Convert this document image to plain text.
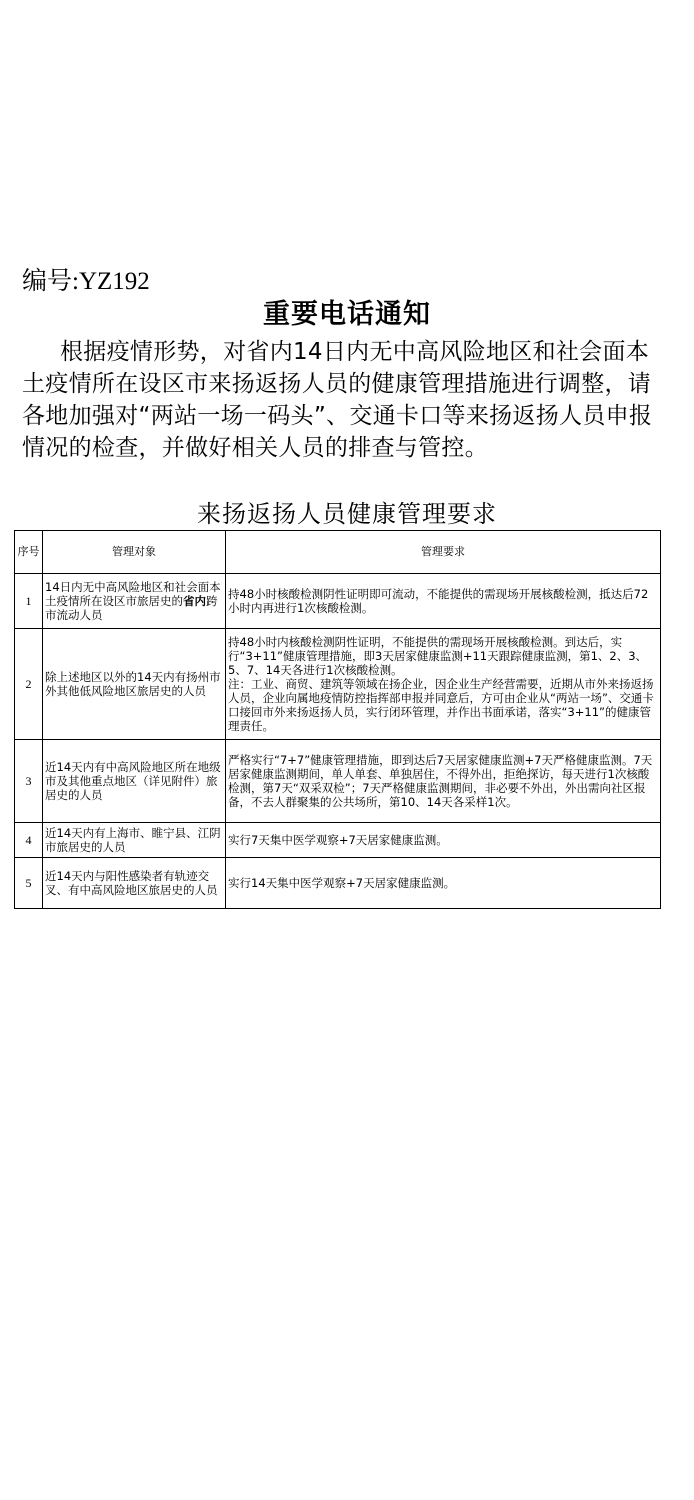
编号:YZ192
重要电话通知

根据疫情形势，对省内14日内无中高风险地区和社会面本土疫情所在设区市来扬返扬人员的健康管理措施进行调整，请各地加强对“两站一场一码头”、交通卡口等来扬返扬人员申报情况的检查，并做好相关人员的排查与管控。

来扬返扬人员健康管理要求
序号	管理对象	管理要求
1	14日内无中高风险地区和社会面本土疫情所在设区市旅居史的省内跨市流动人员	持48小时核酸检测阴性证明即可流动，不能提供的需现场开展核酸检测，抵达后72小时内再进行1次核酸检测。
2	除上述地区以外的14天内有扬州市外其他低风险地区旅居史的人员	持48小时内核酸检测阴性证明，不能提供的需现场开展核酸检测。到达后，实行“3+11”健康管理措施，即3天居家健康监测+11天跟踪健康监测，第1、2、3、5、7、14天各进行1次核酸检测。
注：工业、商贸、建筑等领域在扬企业，因企业生产经营需要，近期从市外来扬返扬人员，企业向属地疫情防控指挥部申报并同意后，方可由企业从“两站一场”、交通卡口接回市外来扬返扬人员，实行闭环管理，并作出书面承诺，落实“3+11”的健康管理责任。
3	近14天内有中高风险地区所在地级市及其他重点地区（详见附件）旅居史的人员	严格实行“7+7”健康管理措施，即到达后7天居家健康监测+7天严格健康监测。7天居家健康监测期间，单人单套、单独居住，不得外出，拒绝探访，每天进行1次核酸检测，第7天“双采双检”；7天严格健康监测期间，非必要不外出，外出需向社区报备，不去人群聚集的公共场所，第10、14天各采样1次。
4	近14天内有上海市、睢宁县、江阴市旅居史的人员	实行7天集中医学观察+7天居家健康监测。
5	近14天内与阳性感染者有轨迹交叉、有中高风险地区旅居史的人员	实行14天集中医学观察+7天居家健康监测。
